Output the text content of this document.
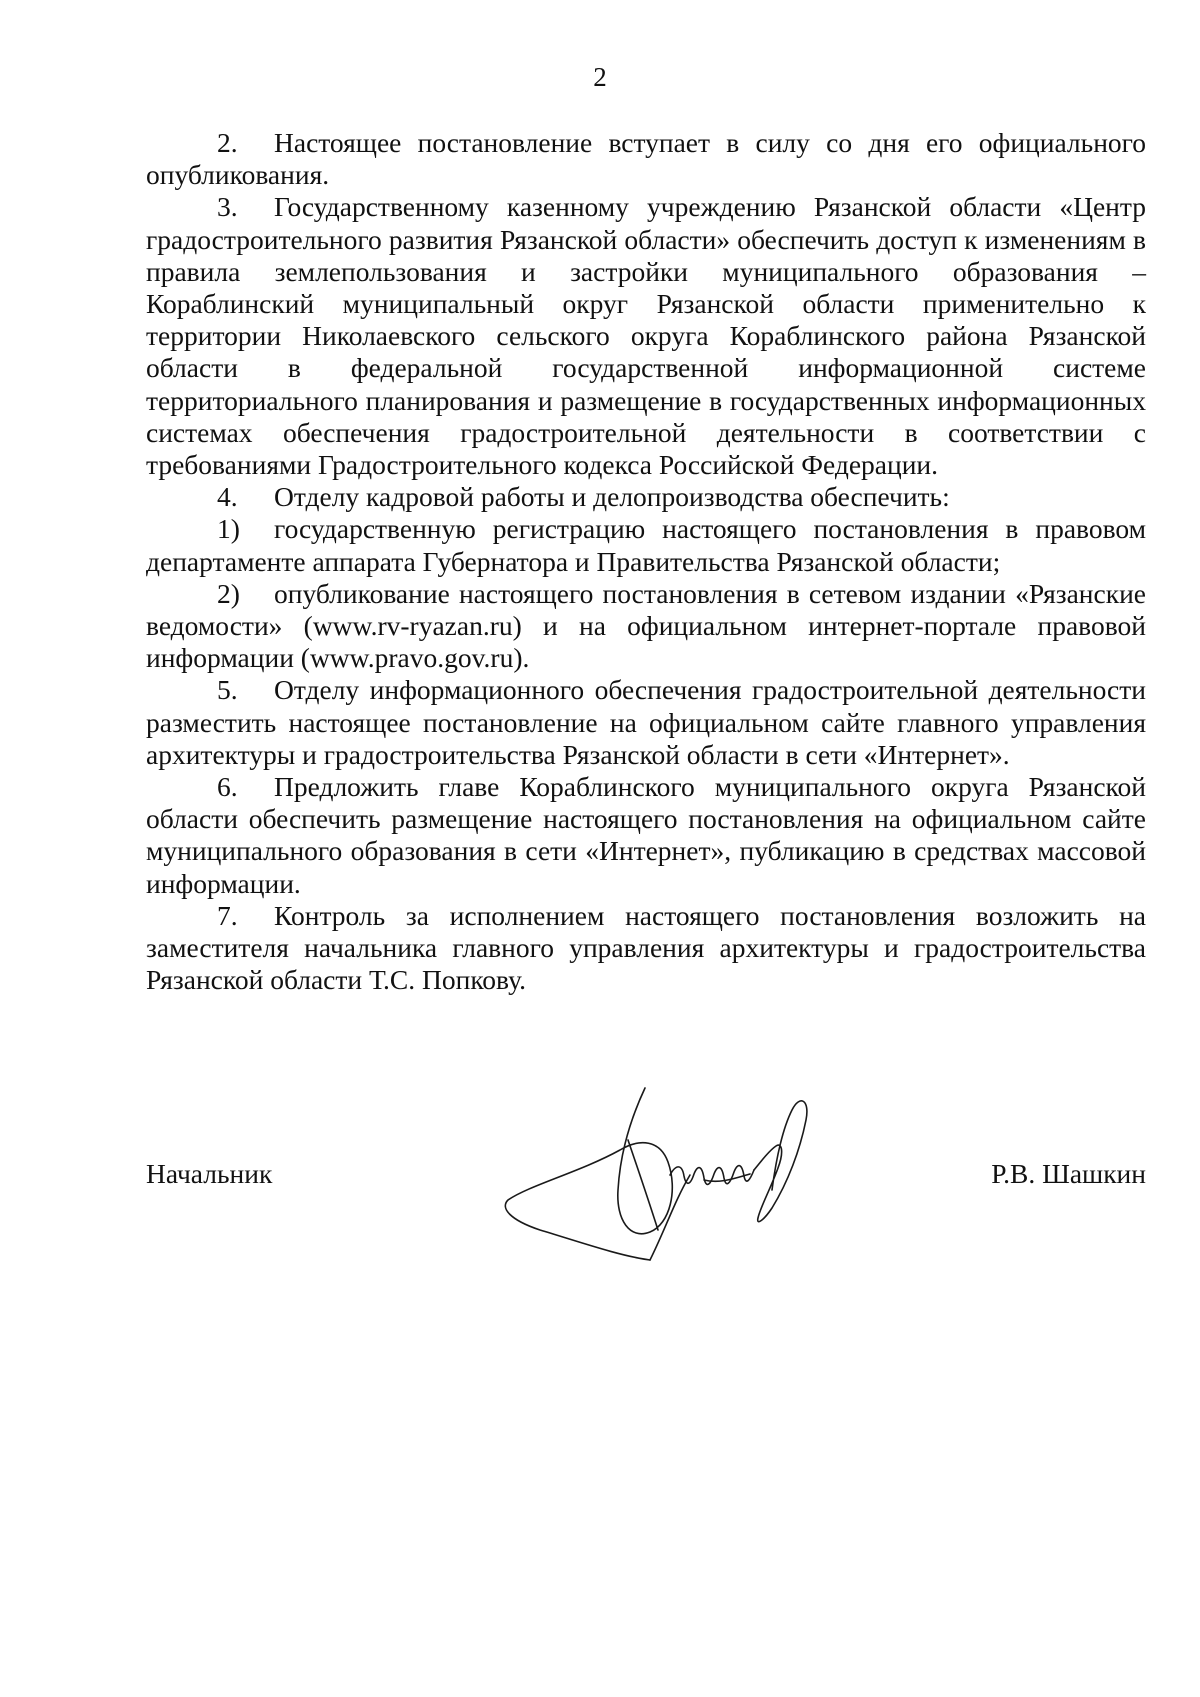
2

2. Настоящее постановление вступает в силу со дня его официального опубликования.

3. Государственному казенному учреждению Рязанской области «Центр градостроительного развития Рязанской области» обеспечить доступ к изменениям в правила землепользования и застройки муниципального образования – Кораблинский муниципальный округ Рязанской области применительно к территории Николаевского сельского округа Кораблинского района Рязанской области в федеральной государственной информационной системе территориального планирования и размещение в государственных информационных системах обеспечения градостроительной деятельности в соответствии с требованиями Градостроительного кодекса Российской Федерации.

4. Отделу кадровой работы и делопроизводства обеспечить:

1) государственную регистрацию настоящего постановления в правовом департаменте аппарата Губернатора и Правительства Рязанской области;

2) опубликование настоящего постановления в сетевом издании «Рязанские ведомости» (www.rv-ryazan.ru) и на официальном интернет-портале правовой информации (www.pravo.gov.ru).

5. Отделу информационного обеспечения градостроительной деятельности разместить настоящее постановление на официальном сайте главного управления архитектуры и градостроительства Рязанской области в сети «Интернет».

6. Предложить главе Кораблинского муниципального округа Рязанской области обеспечить размещение настоящего постановления на официальном сайте муниципального образования в сети «Интернет», публикацию в средствах массовой информации.

7. Контроль за исполнением настоящего постановления возложить на заместителя начальника главного управления архитектуры и градостроительства Рязанской области Т.С. Попкову.

Начальник	Р.В. Шашкин
